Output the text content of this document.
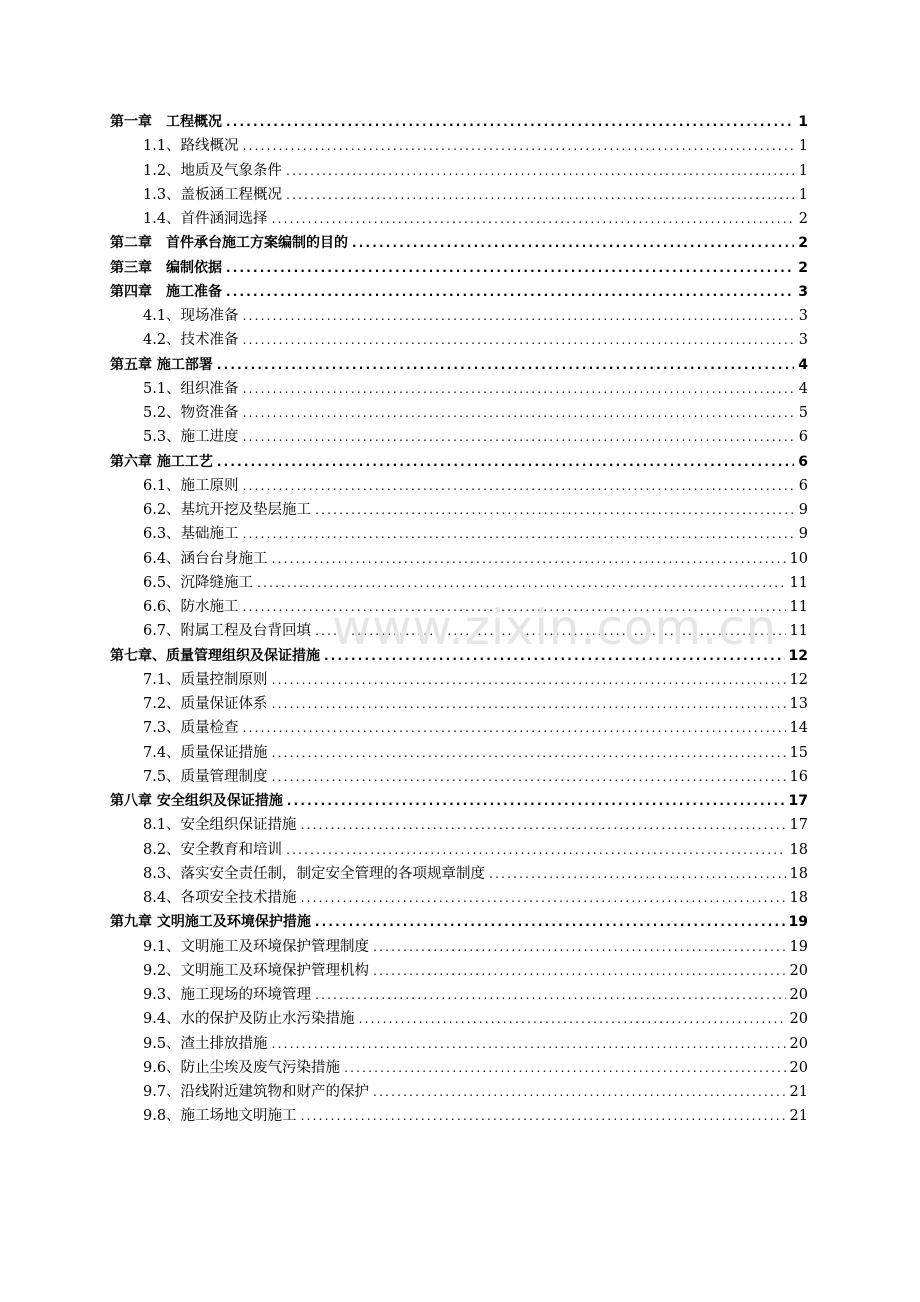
第一章　工程概况 .....	1
1.1、路线概况 .....	1
1.2、地质及气象条件 .....	1
1.3、盖板涵工程概况 .....	1
1.4、首件涵洞选择 .....	2
第二章　首件承台施工方案编制的目的 .....	2
第三章　编制依据 .....	2
第四章　施工准备 .....	3
4.1、现场准备 .....	3
4.2、技术准备 .....	3
第五章 施工部署 .....	4
5.1、组织准备 .....	4
5.2、物资准备 .....	5
5.3、施工进度 .....	6
第六章 施工工艺 .....	6
6.1、施工原则 .....	6
6.2、基坑开挖及垫层施工 .....	9
6.3、基础施工 .....	9
6.4、涵台台身施工 .....	10
6.5、沉降缝施工 .....	11
6.6、防水施工 .....	11
6.7、附属工程及台背回填 .....	11
第七章、质量管理组织及保证措施 .....	12
7.1、质量控制原则 .....	12
7.2、质量保证体系 .....	13
7.3、质量检查 .....	14
7.4、质量保证措施 .....	15
7.5、质量管理制度 .....	16
第八章 安全组织及保证措施 .....	17
8.1、安全组织保证措施 .....	17
8.2、安全教育和培训 .....	18
8.3、落实安全责任制，制定安全管理的各项规章制度 .....	18
8.4、各项安全技术措施 .....	18
第九章 文明施工及环境保护措施 .....	19
9.1、文明施工及环境保护管理制度 .....	19
9.2、文明施工及环境保护管理机构 .....	20
9.3、施工现场的环境管理 .....	20
9.4、水的保护及防止水污染措施 .....	20
9.5、渣土排放措施 .....	20
9.6、防止尘埃及废气污染措施 .....	20
9.7、沿线附近建筑物和财产的保护 .....	21
9.8、施工场地文明施工 .....	21
www.zixin.com.cn
